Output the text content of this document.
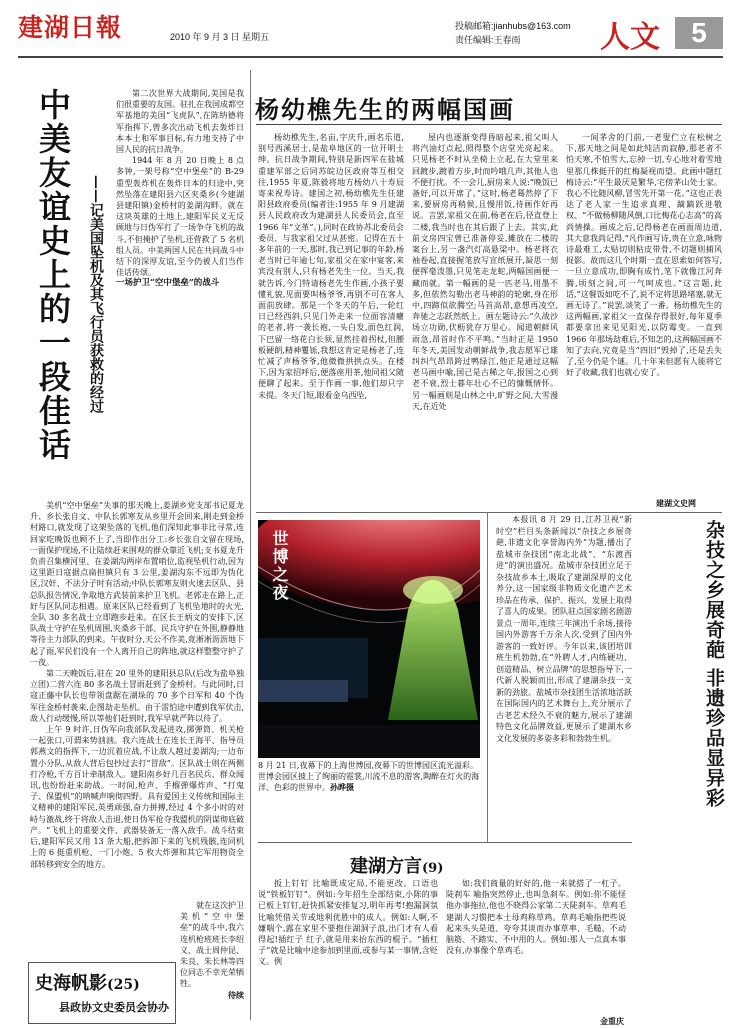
建湖日報	2010 年 9 月 3 日 星期五
投稿邮箱:jianhubs@163.com
责任编辑:王春雨	人文	5
中美友谊史上的一段佳话	——记美国坠机及其飞行员获救的经过

第二次世界大战期间,美国是我们很重要的友国。驻扎在我国成都空军基地的美国“飞虎队”,在陈纳德将军指挥下,曾多次出动飞机去轰炸日本本土和军事目标,有力地支持了中国人民的抗日战争。

1944 年 8 月 20 日晚上 8 点多钟,一架号称“空中堡垒”的 B-29 重型轰炸机在轰炸日本的归途中,突然坠落在建阳县六区夹桑乡(今建湖县建阳镇)金桥村的姜湖沟畔。就在这块英雄的土地上,建阳军民义无反顾地与日伪军打了一场争夺飞机的战斗,不但掩护了坠机,还营救了 5 名机组人员。中美两国人民在共同战斗中结下的深厚友谊,至今仍被人们当作佳话传颂。

一场护卫“空中堡垒”的战斗

美机“空中堡垒”失事的那天晚上,姜湖乡党支部书记夏龙升、乡长张自文、中队长郭寒友从乡里开会回来,刚走到金桥村路口,就发现了这架坠落的飞机,他们深知此事非比寻常,连回家吃晚饭也顾不上了,当即作出分工:乡长张自文留在现场,一面保护现场,不让陆续赶来围观的群众靠近飞机;支书夏龙升负责召集横河里、在姜湖沟两岸布置哨位,监视坠机行动,因为这里距日寇据点扁担镇只有 3 公里,姜湖沟东不远即为伪化区,汉奸、不法分子时有活动;中队长郭寒友则火速去区队、县总队报告情况,争取地方武装前来护卫飞机。老郭走在路上,正好与区队同志相遇。原来区队已经看到了飞机坠地时的火光,全队 30 多名战士立即跑步赶来。在区长王炳文的安排下,区队战士守护在坠机周围,夹桑乡干部、民兵守护在外围,静静地等待主力部队的到来。午夜时分,天公不作美,竟淅淅沥沥地下起了雨,军民们没有一个人离开自己的阵地,就这样整整守护了一夜。

第二天晚饭后,驻在 20 里外的建阳县总队(后改为盐阜独立团)二营六连 80 多名战士冒雨赶到了金桥村。与此同时,日寇正藤中队长也带领盘踞在湖垛的 70 多个日军和 40 个伪军往金桥村袭来,企图劫走坠机。由于雷怕途中遭到我军伏击,敌人行动缓慢,所以等他们赶到时,我军早就严阵以待了。

上午 9 时许,日伪军向我部队发起进攻,掷弹筒、机关枪一起张口,可谓来势汹汹。我六连战士在连长王海平、指导员郭燕文的指挥下,一边沉着应战,不让敌人越过姜湖沟;一边布置小分队,从敌人背后包抄过去打“冒敌”。区队战士则在两侧打冷枪,千方百计牵制敌人。建阳南乡好几百名民兵、群众闻讯,也纷纷赶来助战。一时间,枪声、手榴弹爆炸声、“打鬼子、保盟机”的呐喊声响彻四野。具有爱国主义传统和国际主义精神的建阳军民,英勇顽强,奋力拼搏,经过 4 个多小时的对峙与激战,终于将敌人击退,使日伪军抢夺我盟机的阴谋彻底破产。“飞机上的重要文件、武器装备无一落入敌手。战斗结束后,建阳军民又用 13 条大船,把拆卸下来的飞机残骸,连同机上的 6 挺重机枪、一门小炮、5 枚大炸弹和其它军用物资全部转移到安全的地方。

就在这次护卫美机“空中堡垒”的战斗中,我六连机枪班班长李绍义、战士周仲昆、朱良、朱长林等四位同志不幸光荣牺牲。

待续
史海帆影(25)
县政协文史委员会协办
杨幼樵先生的两幅国画

杨幼樵先生,名亩,字庆升,画名乐道,别号西溪居士,是盐阜地区的一位开明士绅。抗日战争期间,特别是新四军在盐城重建军部之后同苏皖边区政府等互相交往,1955 年夏,陈毅将地方杨幼八十寿辰寄来祝寿诗。建国之初,杨幼樵先生任建阳县政府委员(编者注:1955 年 9 月建湖县人民政府改为建湖县人民委员会,直至 1966 年“文革”。),同时在政协苏北委员会委员、与我家祖父过从甚密。记得在五十多年前的一天,那时,我已到记事的年龄,杨老当时已年逾七旬,家祖父在家中宴客,来宾没有别人,只有杨老先生一位。当天,我就告诉,今门特请杨老先生作画,小孩子要懂礼貌,见面要叫杨爷爷,再别不可在客人面前放肆。那是一个冬天的午后,一轮红日已经西斜,只见门外走来一位面容清癯的老者,将一袭长袍,一头白发,面色红润,下巴留一络花白长须,显然挂着拐杖,但腰板硬朗,精神矍铄,我想这肯定是杨老了,连忙减了声杨爷爷,他微微拱拱点头。在楼下,因为家招呼后,便落座用茶,他同祖父随便聊了起来。至于作画一事,他们却只字未提。冬天门短,眼看金乌西坠,

屋内也逐渐变得昏暗起来,祖父叫人将汽油灯点起,照得整个店堂光亮起来。只见杨老不时从坐椅上立起,在大堂里来回踱步,踱着方步,时而吟哦几声,其他人也不便打扰。不一会儿,厨房来人说:“晚饭已备好,可以开席了。”这时,杨老蓦然停了下来,要厨房再稍候,且慢用饭,待画作好再说。言罢,家祖父在前,杨老在后,径直登上二楼,我当时也在其后跟了上去。其实,此前文房四宝曾已准备停妥,摊放在二楼的案台上,另一盏汽灯高悬梁中。杨老将衣袖卷起,直接握笔放写宣纸展开,凝思一刻便挥毫泼墨,只见笔走龙蛇,两幅国画便一藏而就。第一幅画的是一匹老马,用墨不多,但依然勾勒出老马神韵的轮廓,身在形中,四蹄似欲腾空;马首高昂,意想再凌空,奔驰之志跃然纸上。画左题诗云:“久战沙场立功勋,伏枥犹存万里心。闻道朝鲜风雨急,昂首时作不平鸣。”当时正是 1950 年冬天,美国发动朝鲜战争,我志愿军已雄纠纠气昂昂跨过鸭绿江,他正是通过这幅老马画中喻,国已是古稀之年,报国之心到老不衰,烈士暮年壮心不已的慷慨情怀。另一幅画则是山林之中,旷野之间,大雪漫天,在近处

一间茅舍的门前,一老叟伫立在松树之下,那天地之间是如此纯洁而寂静,那老者不怕天寒,不怕雪大,忘掉一切,专心地对着雪地里那几株挺开的红梅凝视而望。此画中题红梅诗云:“平生最厌是繁华,宅傍茅山处士家。我心不比随风柳,冒雪先开第一花。”这也正表达了老人家一生追求真理、蹢蹢跃进敬权、“不做杨柳随风倒,口比梅花心志高”的高尚情操。画成之后,记得杨老在画面周边道,其大意我尚记得,“凡作画写诗,贵在立意,咏物诗最难工,太贴切则粘皮带骨,不切题则捕风捉影。故而这几个时期一直在思索如何答写,一旦立意成功,即胸有成竹,笔下就像江河奔腾,顷刻之间,可一气呵成也。”这言题,此话,“这餐饭如吃不了,说不定将思路堵塞,就无画无诗了。”说罢,谈笑了一番。杨幼樵先生的这两幅画,家祖父一直保存得很好,每年夏季都要拿出来见见阳光,以防霉变。一直到 1966 年那场劫难后,不知怎的,这两幅国画不知了去向,究竟是当“四旧”毁掉了,还是丢失了,至今仍是个谜。几十年来但愿有人能将它好了收藏,我们也就心安了。

建湖文史网
世博之夜
8 月 21 日,夜幕下的上海世博园,夜幕下的世博园区流光溢彩。世博会园区披上了绚丽的霓裳,川流不息的游客,陶醉在灯火的海洋、色彩的世界中。孙晔摄

本报讯 8 月 29 日,江苏卫视“新时空”栏目头条新闻以“杂技之乡展奇葩,非遗文化享誉海内外”为题,播出了盐城市杂技团“南北北战”、“东渡西进”的演出盛况。盐城市杂技团立足于杂技故乡本土,吸取了建湖深厚的文化养分,这一国家级非物质文化遗产艺术珍品在传承、保护、振兴、发展上取得了喜人的成果。团队驻点国家剧名剧游景点一周年,连续三年演出千余场,接待国内外游客千万余人次,受到了国内外游客的一致好评。今年以来,该团培训班生机勃勃,在“外聘人才,内练硬功、创造精品、树立品牌”的思想指导下,一代新人脱颖而出,形成了建湖杂技一支新的劲旅。盐城市杂技团生活浓地活跃在国际国内的艺术舞台上,充分展示了古老艺术经久不衰的魅力,展示了建湖特色文化品牌效益,更展示了建湖水乡文化发展的多姿多彩和勃勃生机。

金重庆
杂技之乡展奇葩 非遗珍品显异彩
建湖方言(9)

扳上钉钉 比喻既成定局,不能更改。口语也说“铁板钉钉”。例如:今年招生全部结束,小陈的事已板上钉钉,赶快抓紧安排复习,明年再考!抱漏洞氛 比喻凭借关节或地利优胜中的成人。例如:人啊,不嫌喘个,露在家里不要抱住湖洞子浪,出门才有人看得起!插红子 红子,就是用来抬东西的棍子。“插杠子”就是比喻中途参加到里面,或参与某一事情,含贬义。例

如:我们商量的好好的,他一来就搭了一杠子。陡刹车 喻指突然停止,也叫急刹车。例如:你不能怪他办事拖拉,他也不晓得公家第二天陡刹车。草鸡毛 建湖人习惯把本土母鸡称草鸡。草鸡毛喻指把些说起来头头是道、夸夸其谈而办事草率、毛糙、不动脑筋、不踏实、不中用的人。例如:那人一点真本事没有,办事像个草鸡毛。
